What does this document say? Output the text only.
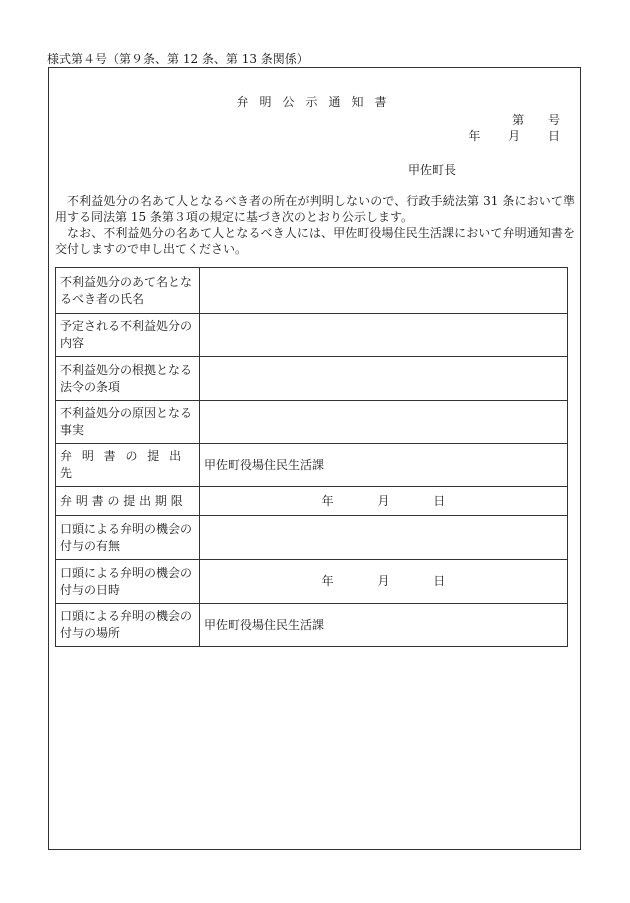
様式第４号（第９条、第 12 条、第 13 条関係）
弁明公示通知書
第 号
年 月 日
甲佐町長

不利益処分の名あて人となるべき者の所在が判明しないので、行政手続法第 31 条において準用する同法第 15 条第３項の規定に基づき次のとおり公示します。

なお、不利益処分の名あて人となるべき人には、甲佐町役場住民生活課において弁明通知書を交付しますので申し出てください。

不利益処分のあて名となるべき者の氏名	
予定される不利益処分の内容	
不利益処分の根拠となる法令の条項	
不利益処分の原因となる事実	
弁 明 書 の 提 出 先	甲佐町役場住民生活課
弁 明 書 の 提 出 期 限	年 月 日
口頭による弁明の機会の付与の有無	
口頭による弁明の機会の付与の日時	年 月 日
口頭による弁明の機会の付与の場所	甲佐町役場住民生活課
